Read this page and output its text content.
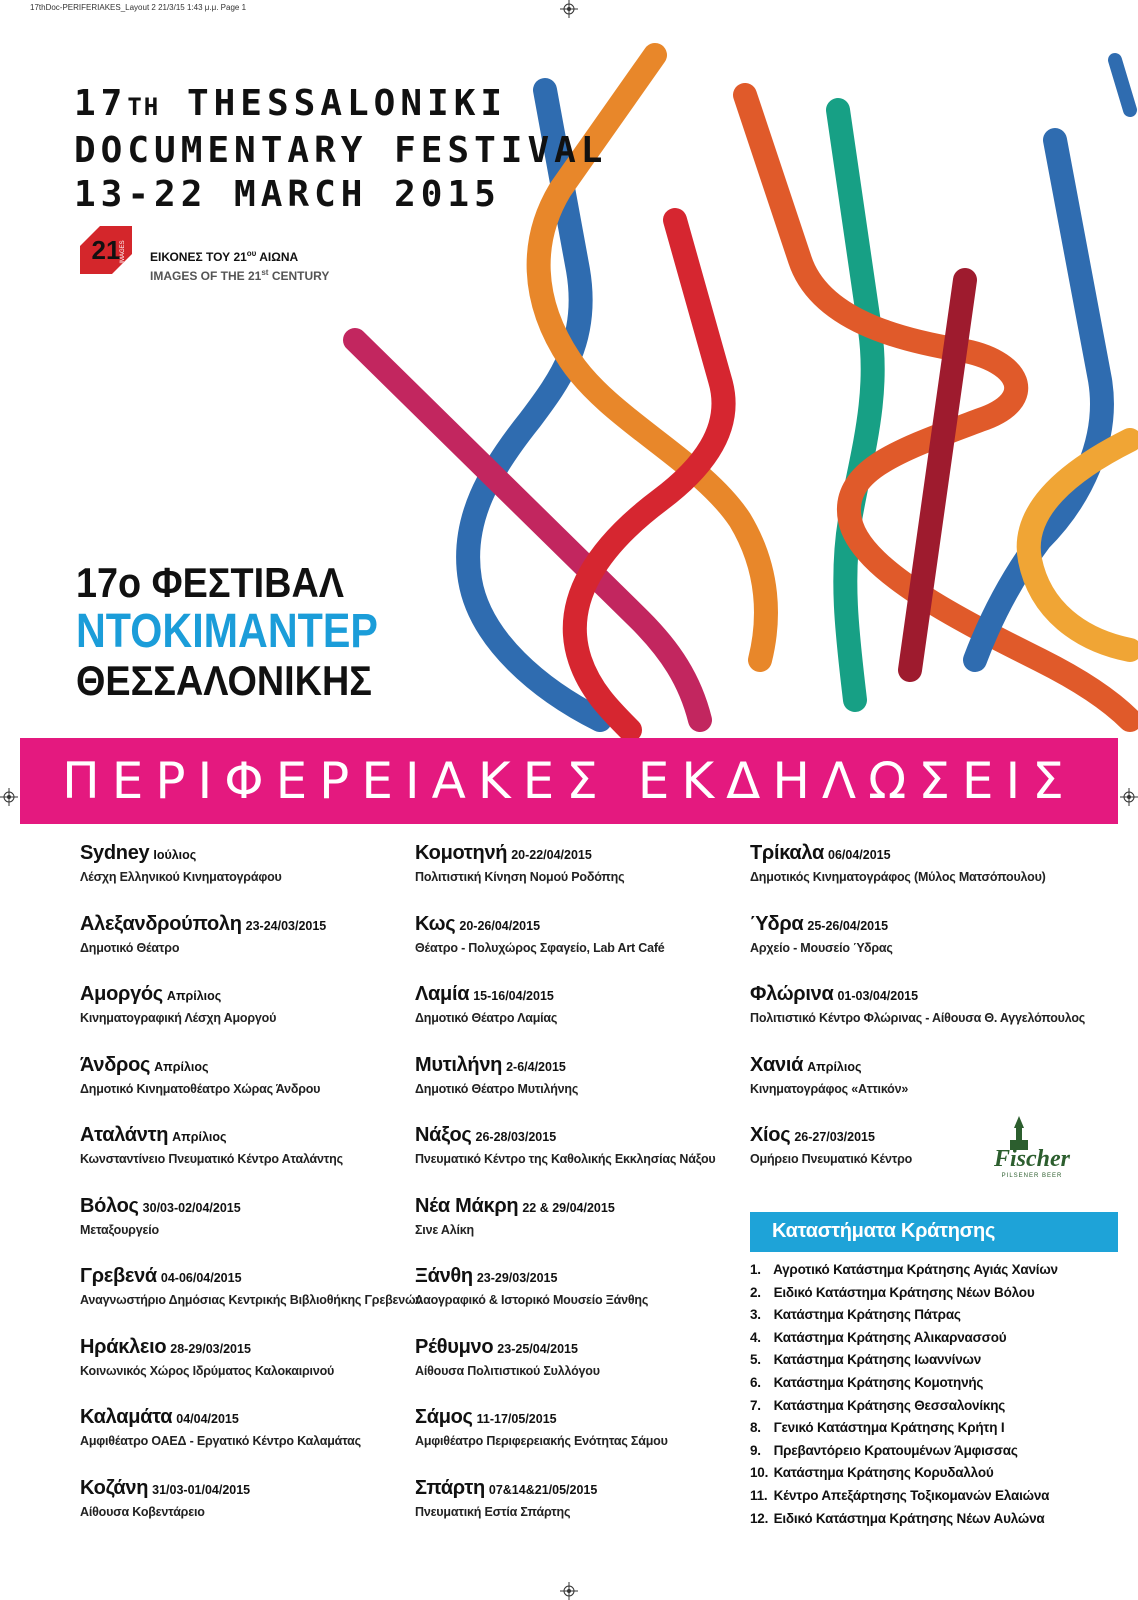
17thDoc-PERIFERIAKES_Layout 2 21/3/15 1:43 μ.μ. Page 1
17TH THESSALONIKI
DOCUMENTARY FESTIVAL
13-22 MARCH 2015
21 IMAGES ΕΙΚΟΝΕΣ ΤΟΥ $21^{o\upsilon}$ ΑΙΩΝΑ
IMAGES OF THE 21st CENTURY
17ο ΦΕΣΤΙΒΑΛ
ΝΤΟΚΙΜΑΝΤΕΡ
ΘΕΣΣΑΛΟΝΙΚΗΣ
ΠΕΡΙΦΕΡΕΙΑΚΕΣ ΕΚΔΗΛΩΣΕΙΣ
Sydney Ιούλιος
Λέσχη Ελληνικού Κινηματογράφου
Αλεξανδρούπολη 23-24/03/2015
Δημοτικό Θέατρο
Αμοργός Απρίλιος
Κινηματογραφική Λέσχη Αμοργού
Άνδρος Απρίλιος
Δημοτικό Κινηματοθέατρο Χώρας Άνδρου
Αταλάντη Απρίλιος
Κωνσταντίνειο Πνευματικό Κέντρο Αταλάντης
Βόλος 30/03-02/04/2015
Μεταξουργείο
Γρεβενά 04-06/04/2015
Αναγνωστήριο Δημόσιας Κεντρικής Βιβλιοθήκης Γρεβενών
Ηράκλειο 28-29/03/2015
Κοινωνικός Χώρος Ιδρύματος Καλοκαιρινού
Καλαμάτα 04/04/2015
Αμφιθέατρο ΟΑΕΔ - Εργατικό Κέντρο Καλαμάτας
Κοζάνη 31/03-01/04/2015
Αίθουσα Κοβεντάρειο
Κομοτηνή 20-22/04/2015
Πολιτιστική Κίνηση Νομού Ροδόπης
Κως 20-26/04/2015
Θέατρο - Πολυχώρος Σφαγείο, Lab Art Café
Λαμία 15-16/04/2015
Δημοτικό Θέατρο Λαμίας
Μυτιλήνη 2-6/4/2015
Δημοτικό Θέατρο Μυτιλήνης
Νάξος 26-28/03/2015
Πνευματικό Κέντρο της Καθολικής Εκκλησίας Νάξου
Νέα Μάκρη 22 & 29/04/2015
Σινε Αλίκη
Ξάνθη 23-29/03/2015
Λαογραφικό & Ιστορικό Μουσείο Ξάνθης
Ρέθυμνο 23-25/04/2015
Αίθουσα Πολιτιστικού Συλλόγου
Σάμος 11-17/05/2015
Αμφιθέατρο Περιφερειακής Ενότητας Σάμου
Σπάρτη 07&14&21/05/2015
Πνευματική Εστία Σπάρτης
Τρίκαλα 06/04/2015
Δημοτικός Κινηματογράφος (Μύλος Ματσόπουλου)
Ύδρα 25-26/04/2015
Αρχείο - Μουσείο Ύδρας
Φλώρινα 01-03/04/2015
Πολιτιστικό Κέντρο Φλώρινας - Αίθουσα Θ. Αγγελόπουλος
Χανιά Απρίλιος
Κινηματογράφος «Αττικόν»
Χίος 26-27/03/2015
Ομήρειο Πνευματικό Κέντρο	Fischer
PILSENER BEER
Καταστήματα Κράτησης
1. Αγροτικό Κατάστημα Κράτησης Αγιάς Χανίων
2. Ειδικό Κατάστημα Κράτησης Νέων Βόλου
3. Κατάστημα Κράτησης Πάτρας
4. Κατάστημα Κράτησης Αλικαρνασσού
5. Κατάστημα Κράτησης Ιωαννίνων
6. Κατάστημα Κράτησης Κομοτηνής
7. Κατάστημα Κράτησης Θεσσαλονίκης
8. Γενικό Κατάστημα Κράτησης Κρήτη Ι
9. Πρεβαντόρειο Κρατουμένων Άμφισσας
10. Κατάστημα Κράτησης Κορυδαλλού
11. Κέντρο Απεξάρτησης Τοξικομανών Ελαιώνα
12. Ειδικό Κατάστημα Κράτησης Νέων Αυλώνα
